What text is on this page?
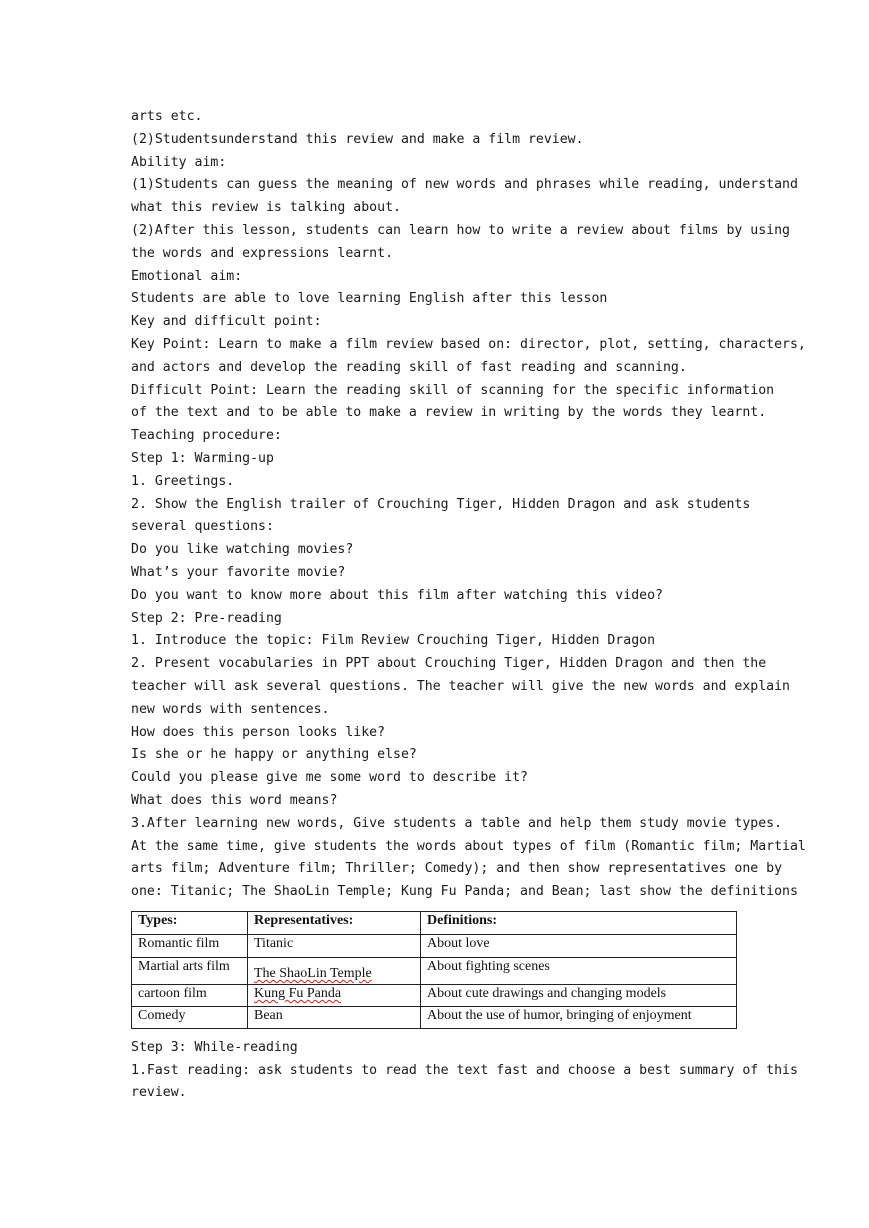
arts etc.
(2)Studentsunderstand this review and make a film review.
Ability aim:
(1)Students can guess the meaning of new words and phrases while reading, understand
what this review is talking about.
(2)After this lesson, students can learn how to write a review about films by using
the words and expressions learnt.
Emotional aim:
Students are able to love learning English after this lesson
Key and difficult point:
Key Point: Learn to make a film review based on: director, plot, setting, characters,
and actors and develop the reading skill of fast reading and scanning.
Difficult Point: Learn the reading skill of scanning for the specific information
of the text and to be able to make a review in writing by the words they learnt.
Teaching procedure:
Step 1: Warming-up
1. Greetings.
2. Show the English trailer of Crouching Tiger, Hidden Dragon and ask students
several questions:
Do you like watching movies?
What’s your favorite movie?
Do you want to know more about this film after watching this video?
Step 2: Pre-reading
1. Introduce the topic: Film Review Crouching Tiger, Hidden Dragon
2. Present vocabularies in PPT about Crouching Tiger, Hidden Dragon and then the
teacher will ask several questions. The teacher will give the new words and explain
new words with sentences.
How does this person looks like?
Is she or he happy or anything else?
Could you please give me some word to describe it?
What does this word means?
3.After learning new words, Give students a table and help them study movie types.
At the same time, give students the words about types of film (Romantic film; Martial
arts film; Adventure film; Thriller; Comedy); and then show representatives one by
one: Titanic; The ShaoLin Temple; Kung Fu Panda; and Bean; last show the definitions
Types:	Representatives:	Definitions:
Romantic film	Titanic	About love
Martial arts film	The ShaoLin Temple	About fighting scenes
cartoon film	Kung Fu Panda	About cute drawings and changing models
Comedy	Bean	About the use of humor, bringing of enjoyment
Step 3: While-reading
1.Fast reading: ask students to read the text fast and choose a best summary of this
review.
